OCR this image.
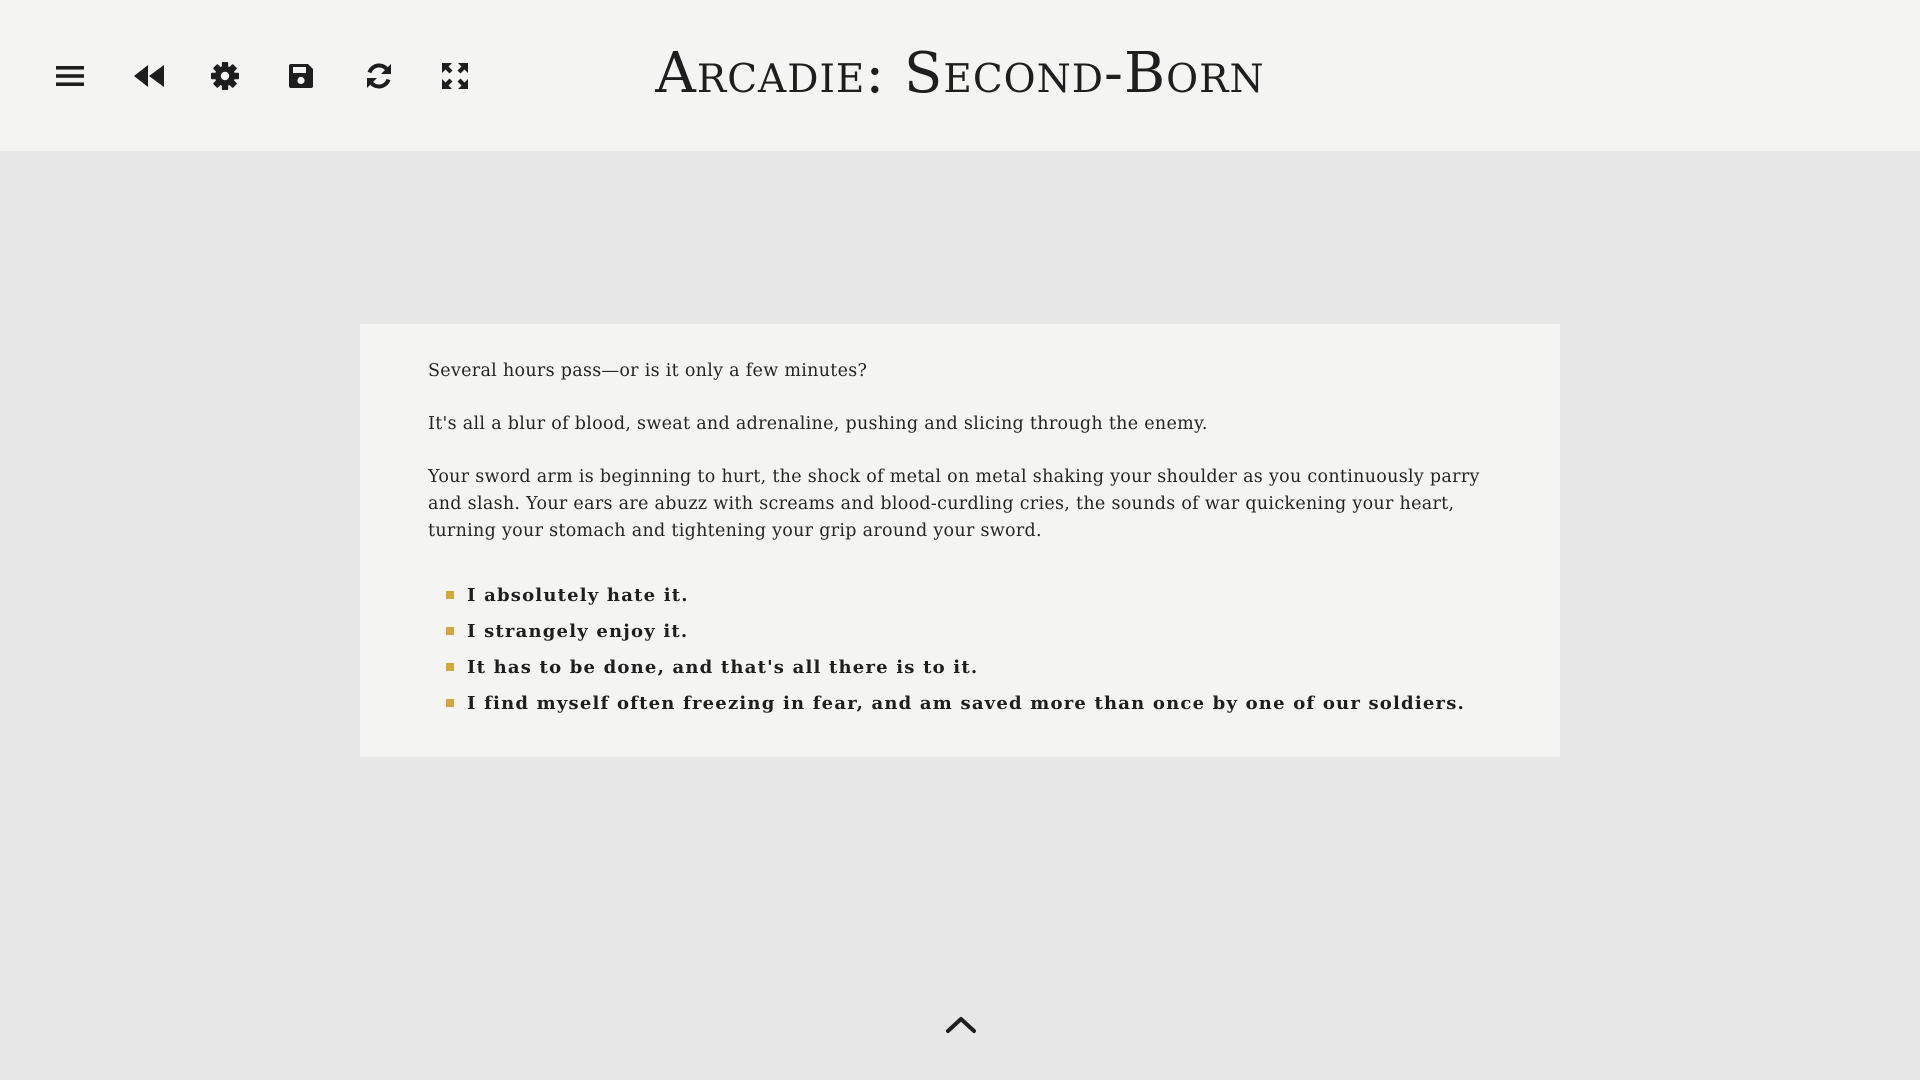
Arcadie: Second-Born

Several hours pass—or is it only a few minutes?

It's all a blur of blood, sweat and adrenaline, pushing and slicing through the enemy.

Your sword arm is beginning to hurt, the shock of metal on metal shaking your shoulder as you continuously parry and slash. Your ears are abuzz with screams and blood-curdling cries, the sounds of war quickening your heart, turning your stomach and tightening your grip around your sword.

I absolutely hate it.
I strangely enjoy it.
It has to be done, and that's all there is to it.
I find myself often freezing in fear, and am saved more than once by one of our soldiers.
